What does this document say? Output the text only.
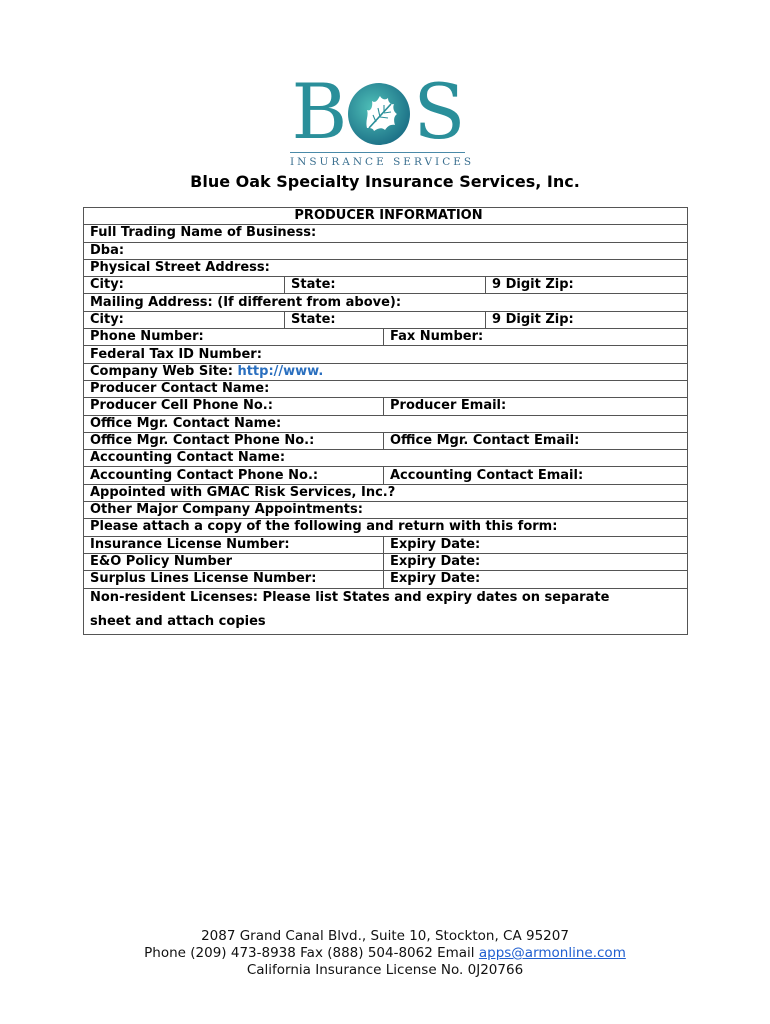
B S
INSURANCE SERVICES
Blue Oak Specialty Insurance Services, Inc.
PRODUCER INFORMATION			
Full Trading Name of Business:			
Dba:			
Physical Street Address:			
City:	State:		9 Digit Zip:
Mailing Address: (If different from above):			
City:	State:		9 Digit Zip:
Phone Number:		Fax Number:	
Federal Tax ID Number:			
Company Web Site: http://www.			
Producer Contact Name:			
Producer Cell Phone No.:		Producer Email:	
Office Mgr. Contact Name:			
Office Mgr. Contact Phone No.:		Office Mgr. Contact Email:	
Accounting Contact Name:			
Accounting Contact Phone No.:		Accounting Contact Email:	
Appointed with GMAC Risk Services, Inc.?			
Other Major Company Appointments:			
Please attach a copy of the following and return with this form:			
Insurance License Number:		Expiry Date:	
E&O Policy Number		Expiry Date:	
Surplus Lines License Number:		Expiry Date:	

Non-resident Licenses: Please list States and expiry dates on separate
sheet and attach copies			
2087 Grand Canal Blvd., Suite 10, Stockton, CA 95207
Phone (209) 473-8938 Fax (888) 504-8062 Email apps@armonline.com
California Insurance License No. 0J20766
